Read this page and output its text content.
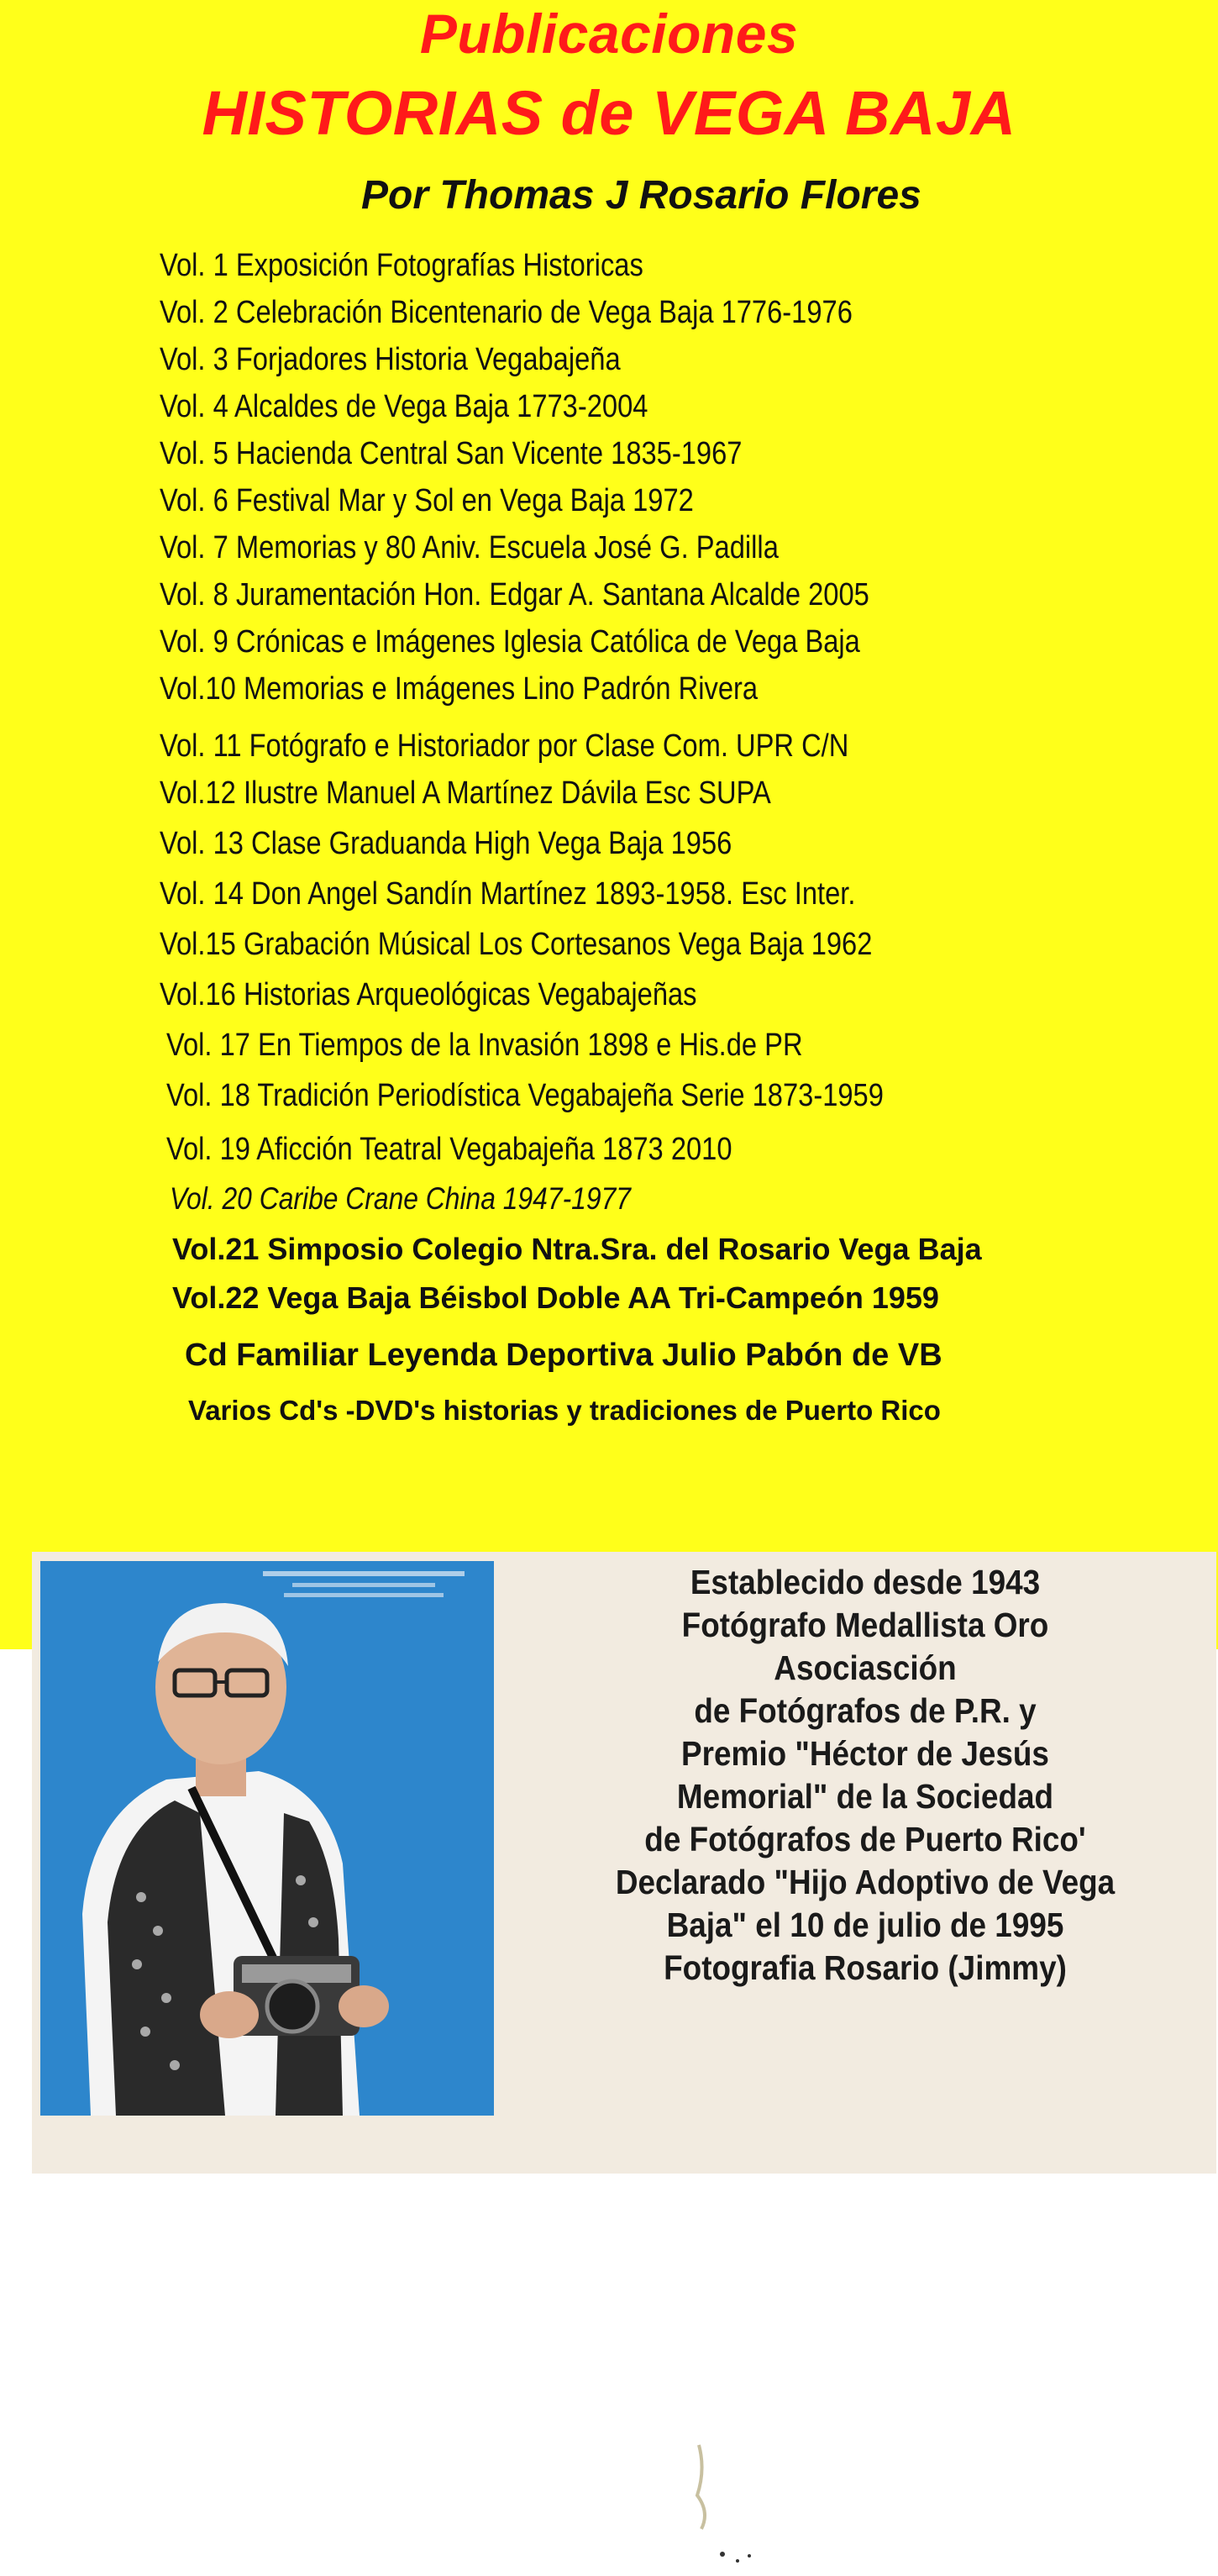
Publicaciones
HISTORIAS de VEGA BAJA
Por Thomas J Rosario Flores
Vol. 1 Exposición Fotografías Historicas
Vol. 2 Celebración Bicentenario de Vega Baja 1776-1976
Vol. 3 Forjadores Historia Vegabajeña
Vol. 4 Alcaldes de Vega Baja 1773-2004
Vol. 5 Hacienda Central San Vicente 1835-1967
Vol. 6 Festival Mar y Sol en Vega Baja 1972
Vol. 7 Memorias y 80 Aniv. Escuela José G. Padilla
Vol. 8 Juramentación Hon. Edgar A. Santana Alcalde 2005
Vol. 9 Crónicas e Imágenes Iglesia Católica de Vega Baja
Vol.10 Memorias e Imágenes Lino Padrón Rivera
Vol. 11 Fotógrafo e Historiador por Clase Com. UPR C/N
Vol.12 Ilustre Manuel A Martínez Dávila Esc SUPA
Vol. 13 Clase Graduanda High Vega Baja 1956
Vol. 14 Don Angel Sandín Martínez 1893-1958. Esc Inter.
Vol.15 Grabación Músical Los Cortesanos Vega Baja 1962
Vol.16 Historias Arqueológicas Vegabajeñas
Vol. 17 En Tiempos de la Invasión 1898 e His.de PR
Vol. 18 Tradición Periodística Vegabajeña Serie 1873-1959
Vol. 19 Aficción Teatral Vegabajeña 1873 2010
Vol. 20 Caribe Crane China 1947-1977
Vol.21 Simposio Colegio Ntra.Sra. del Rosario Vega Baja
Vol.22 Vega Baja Béisbol Doble AA Tri-Campeón 1959
Cd Familiar Leyenda Deportiva Julio Pabón de VB
Varios Cd's -DVD's historias y tradiciones de Puerto Rico
Establecido desde 1943
Fotógrafo Medallista Oro
Asociasción
de Fotógrafos de P.R. y
Premio "Héctor de Jesús
Memorial" de la Sociedad
de Fotógrafos de Puerto Rico'
Declarado "Hijo Adoptivo de Vega
Baja" el 10 de julio de 1995
Fotografia Rosario (Jimmy)
